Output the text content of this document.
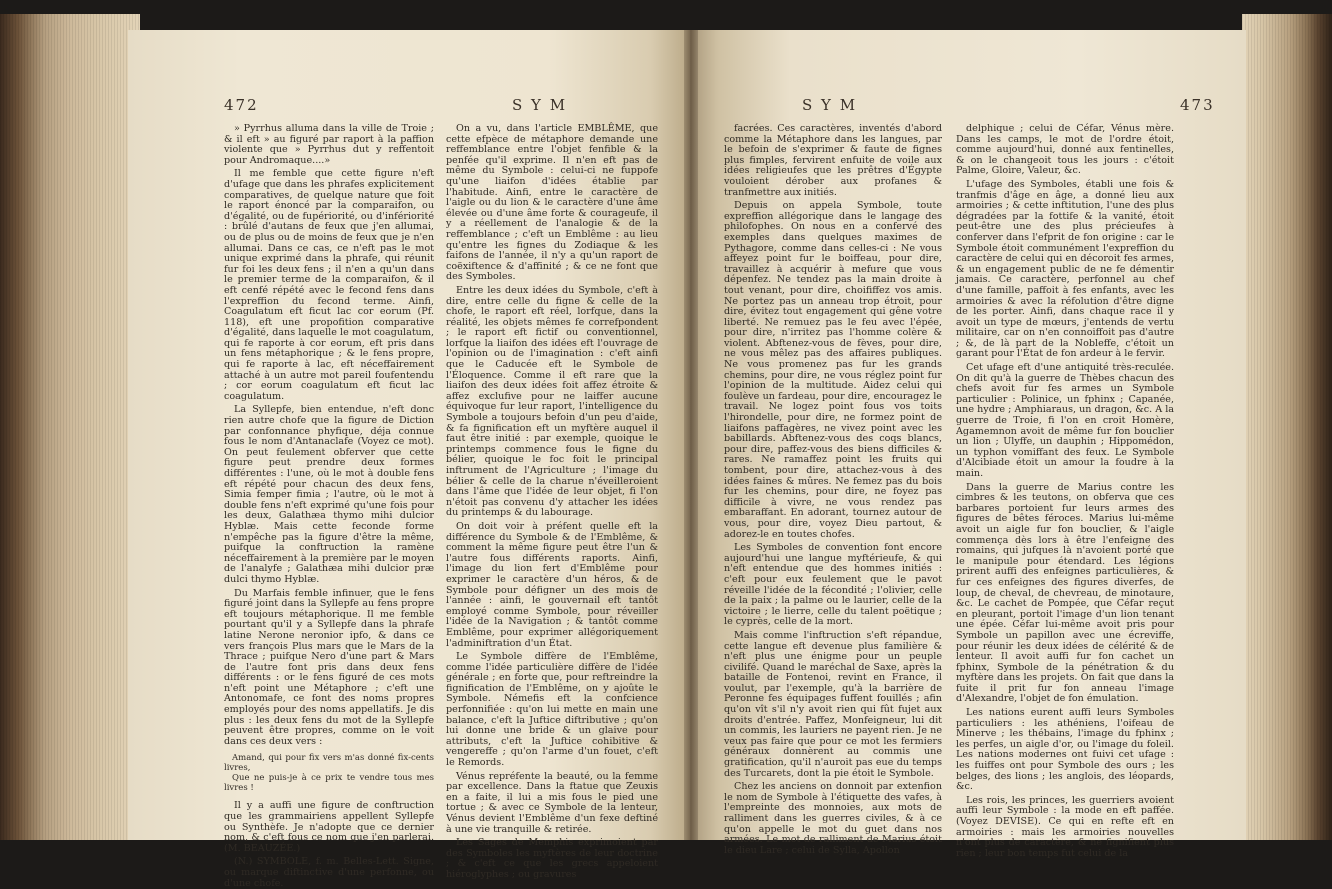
472	S Y M

» Pyrrhus alluma dans la ville de Troie ; & il eft » au figuré par raport à la paffion violente que » Pyrrhus dut y reffentoit pour Andromaque....»

Il me femble que cette figure n'eft d'ufage que dans les phrafes explicitement comparatives, de quelque nature que foit le raport énoncé par la comparaifon, ou d'égalité, ou de fupériorité, ou d'infériorité : brûlé d'autans de feux que j'en allumai, ou de plus ou de moins de feux que je n'en allumai. Dans ce cas, ce n'eft pas le mot unique exprimé dans la phrafe, qui réunit fur foi les deux fens ; il n'en a qu'un dans le premier terme de la comparaifon, & il eft cenfé répété avec le fecond fens dans l'expreffion du fecond terme. Ainfi, Coagulatum eft ficut lac cor eorum (Pf. 118), eft une propofition comparative d'égalité, dans laquelle le mot coagulatum, qui fe raporte à cor eorum, eft pris dans un fens métaphorique ; & le fens propre, qui fe raporte à lac, eft néceffairement attaché à un autre mot pareil foufentendu ; cor eorum coagulatum eft ficut lac coagulatum.

La Syllepfe, bien entendue, n'eft donc rien autre chofe que la figure de Diction par confonnance phyfique, déja connue fous le nom d'Antanaclafe (Voyez ce mot). On peut feulement obferver que cette figure peut prendre deux formes différentes : l'une, où le mot à double fens eft répété pour chacun des deux fens, Simia femper fimia ; l'autre, où le mot à double fens n'eft exprimé qu'une fois pour les deux, Galathæa thymo mihi dulcior Hyblæ. Mais cette feconde forme n'empêche pas la figure d'être la même, puifque la conftruction la ramène néceffairement à la première par le moyen de l'analyfe ; Galathæa mihi dulcior præ dulci thymo Hyblæ.

Du Marfais femble infinuer, que le fens figuré joint dans la Syllepfe au fens propre eft toujours métaphorique. Il me femble pourtant qu'il y a Syllepfe dans la phrafe latine Nerone neronior ipfo, & dans ce vers françois Plus mars que le Mars de la Thrace ; puifque Nero d'une part & Mars de l'autre font pris dans deux fens différents : or le fens figuré de ces mots n'eft point une Métaphore ; c'eft une Antonomafe, ce font des noms propres employés pour des noms appellatifs. Je dis plus : les deux fens du mot de la Syllepfe peuvent être propres, comme on le voit dans ces deux vers :

Amand, qui pour fix vers m'as donné fix-cents livres,
Que ne puis-je à ce prix te vendre tous mes livres !

Il y a auffi une figure de conftruction que les grammairiens appellent Syllepfe ou Synthèfe. Je n'adopte que ce dernier nom, & c'eft fous ce nom que j'en parlerai. (M. BEAUZÉE.)

(N.) SYMBOLE, f. m. Belles-Lett. Signe, ou marque diftinctive d'une perfonne, ou d'une chofe.

On a vu, dans l'article EMBLÊME, que cette efpèce de métaphore demande une reffemblance entre l'objet fenfible & la penfée qu'il exprime. Il n'en eft pas de même du Symbole : celui-ci ne fuppofe qu'une liaifon d'idées établie par l'habitude. Ainfi, entre le caractère de l'aigle ou du lion & le caractère d'une âme élevée ou d'une âme forte & courageufe, il y a réellement de l'analogie & de la reffemblance ; c'eft un Emblême : au lieu qu'entre les fignes du Zodiaque & les faifons de l'année, il n'y a qu'un raport de coëxiftence & d'affinité ; & ce ne font que des Symboles.

Entre les deux idées du Symbole, c'eft à dire, entre celle du figne & celle de la chofe, le raport eft réel, lorfque, dans la réalité, les objets mêmes fe correfpondent ; le raport eft fictif ou conventionnel, lorfque la liaifon des idées eft l'ouvrage de l'opinion ou de l'imagination : c'eft ainfi que le Caducée eft le Symbole de l'Éloquence. Comme il eft rare que la liaifon des deux idées foit affez étroite & affez exclufive pour ne laiffer aucune équivoque fur leur raport, l'intelligence du Symbole a toujours befoin d'un peu d'aide, & fa fignification eft un myftère auquel il faut être initié : par exemple, quoique le printemps commence fous le figne du bélier, quoique le foc foit le principal inftrument de l'Agriculture ; l'image du bélier & celle de la charue n'éveilleroient dans l'âme que l'idée de leur objet, fi l'on n'étoit pas convenu d'y attacher les idées du printemps & du labourage.

On doit voir à préfent quelle eft la différence du Symbole & de l'Emblême, & comment la même figure peut être l'un & l'autre fous différents raports. Ainfi, l'image du lion fert d'Emblême pour exprimer le caractère d'un héros, & de Symbole pour défigner un des mois de l'année : ainfi, le gouvernail eft tantôt employé comme Symbole, pour réveiller l'idée de la Navigation ; & tantôt comme Emblême, pour exprimer allégoriquement l'adminiftration d'un État.

Le Symbole diffère de l'Emblême, comme l'idée particulière diffère de l'idée générale ; en forte que, pour reftreindre la fignification de l'Emblême, on y ajoûte le Symbole. Némefis eft la confcience perfonnifiée : qu'on lui mette en main une balance, c'eft la Juftice diftributive ; qu'on lui donne une bride & un glaive pour attributs, c'eft la Juftice cohibitive & vengereffe ; qu'on l'arme d'un fouet, c'eft le Remords.

Vénus repréfente la beauté, ou la femme par excellence. Dans la ftatue que Zeuxis en a faite, il lui a mis fous le pied une tortue ; & avec ce Symbole de la lenteur, Vénus devient l'Emblême d'un fexe deftiné à une vie tranquille & retirée.

Les Sages de Memphis exprimoient par des Symboles les myftères de leur doctrine ; & c'eft ce que les grecs appeloient hiéroglyphes ; ou gravures

S Y M	473

facrées. Ces caractères, inventés d'abord comme la Métaphore dans les langues, par le befoin de s'exprimer & faute de fignes plus fimples, fervirent enfuite de voile aux idées religieufes que les prêtres d'Égypte vouloient dérober aux profanes & tranfmettre aux initiés.

Depuis on appela Symbole, toute expreffion allégorique dans le langage des philofophes. On nous en a confervé des exemples dans quelques maximes de Pythagore, comme dans celles-ci : Ne vous affeyez point fur le boiffeau, pour dire, travaillez à acquérir à mefure que vous dépenfez. Ne tendez pas la main droite à tout venant, pour dire, choififfez vos amis. Ne portez pas un anneau trop étroit, pour dire, évitez tout engagement qui gêne votre liberté. Ne remuez pas le feu avec l'épée, pour dire, n'irritez pas l'homme colère & violent. Abftenez-vous de fèves, pour dire, ne vous mêlez pas des affaires publiques. Ne vous promenez pas fur les grands chemins, pour dire, ne vous réglez point fur l'opinion de la multitude. Aidez celui qui foulève un fardeau, pour dire, encouragez le travail. Ne logez point fous vos toits l'hirondelle, pour dire, ne formez point de liaifons paffagères, ne vivez point avec les babillards. Abftenez-vous des coqs blancs, pour dire, paffez-vous des biens difficiles & rares. Ne ramaffez point les fruits qui tombent, pour dire, attachez-vous à des idées faines & mûres. Ne femez pas du bois fur les chemins, pour dire, ne foyez pas difficile à vivre, ne vous rendez pas embaraffant. En adorant, tournez autour de vous, pour dire, voyez Dieu partout, & adorez-le en toutes chofes.

Les Symboles de convention font encore aujourd'hui une langue myftérieufe, & qui n'eft entendue que des hommes initiés : c'eft pour eux feulement que le pavot réveille l'idée de la fécondité ; l'olivier, celle de la paix ; la palme ou le laurier, celle de la victoire ; le lierre, celle du talent poëtique ; le cyprès, celle de la mort.

Mais comme l'inftruction s'eft répandue, cette langue eft devenue plus familière & n'eft plus une énigme pour un peuple civilifé. Quand le maréchal de Saxe, après la bataille de Fontenoi, revint en France, il voulut, par l'exemple, qu'à la barrière de Peronne fes équipages fuffent fouillés ; afin qu'on vît s'il n'y avoit rien qui fût fujet aux droits d'entrée. Paffez, Monfeigneur, lui dit un commis, les lauriers ne payent rien. Je ne veux pas faire que pour ce mot les fermiers généraux donnèrent au commis une gratification, qu'il n'auroit pas eue du temps des Turcarets, dont la pie étoit le Symbole.

Chez les anciens on donnoit par extenfion le nom de Symbole à l'étiquette des vafes, à l'empreinte des monnoies, aux mots de ralliment dans les guerres civiles, & à ce qu'on appelle le mot du guet dans nos armées. Le mot de ralliment de Marius étoit le dieu Lare ; celui de Sylla, Apollon

delphique ; celui de Céfar, Vénus mère. Dans les camps, le mot de l'ordre étoit, comme aujourd'hui, donné aux fentinelles, & on le changeoit tous les jours : c'étoit Palme, Gloire, Valeur, &c.

L'ufage des Symboles, établi une fois & tranfmis d'âge en âge, a donné lieu aux armoiries ; & cette inftitution, l'une des plus dégradées par la fottife & la vanité, étoit peut-être une des plus précieufes à conferver dans l'efprit de fon origine : car le Symbole étoit communément l'expreffion du caractère de celui qui en décoroit fes armes, & un engagement public de ne fe démentir jamais. Ce caractère, perfonnel au chef d'une famille, paffoit à fes enfants, avec les armoiries & avec la réfolution d'être digne de les porter. Ainfi, dans chaque race il y avoit un type de mœurs, j'entends de vertu militaire, car on n'en connoiffoit pas d'autre ; &, de là part de la Nobleffe, c'étoit un garant pour l'État de fon ardeur à le fervir.

Cet ufage eft d'une antiquité très-reculée. On dit qu'à la guerre de Thèbes chacun des chefs avoit fur fes armes un Symbole particulier : Polinice, un fphinx ; Capanée, une hydre ; Amphiaraus, un dragon, &c. A la guerre de Troie, fi l'on en croit Homère, Agamemnon avoit de même fur fon bouclier un lion ; Ulyffe, un dauphin ; Hippomédon, un typhon vomiffant des feux. Le Symbole d'Alcibiade étoit un amour la foudre à la main.

Dans la guerre de Marius contre les cimbres & les teutons, on obferva que ces barbares portoient fur leurs armes des figures de bêtes féroces. Marius lui-même avoit un aigle fur fon bouclier, & l'aigle commença dès lors à être l'enfeigne des romains, qui jufques là n'avoient porté que le manipule pour étendard. Les légions prirent auffi des enfeignes particulières, & fur ces enfeignes des figures diverfes, de loup, de cheval, de chevreau, de minotaure, &c. Le cachet de Pompée, que Céfar reçut en pleurant, portoit l'image d'un lion tenant une épée. Céfar lui-même avoit pris pour Symbole un papillon avec une écreviffe, pour réunir les deux idées de célérité & de lenteur. Il avoit auffi fur fon cachet un fphinx, Symbole de la pénétration & du myftère dans les projets. On fait que dans la fuite il prit fur fon anneau l'image d'Alexandre, l'objet de fon émulation.

Les nations eurent auffi leurs Symboles particuliers : les athéniens, l'oifeau de Minerve ; les thébains, l'image du fphinx ; les perfes, un aigle d'or, ou l'image du foleil. Les nations modernes ont fuivi cet ufage : les fuiffes ont pour Symbole des ours ; les belges, des lions ; les anglois, des léopards, &c.

Les rois, les princes, les guerriers avoient auffi leur Symbole : la mode en eft paffée. (Voyez DEVISE). Ce qui en refte eft en armoiries : mais les armoiries nouvelles n'ont plus de caractère, & ne fignifient plus rien ; leur bon temps fut celui de la
